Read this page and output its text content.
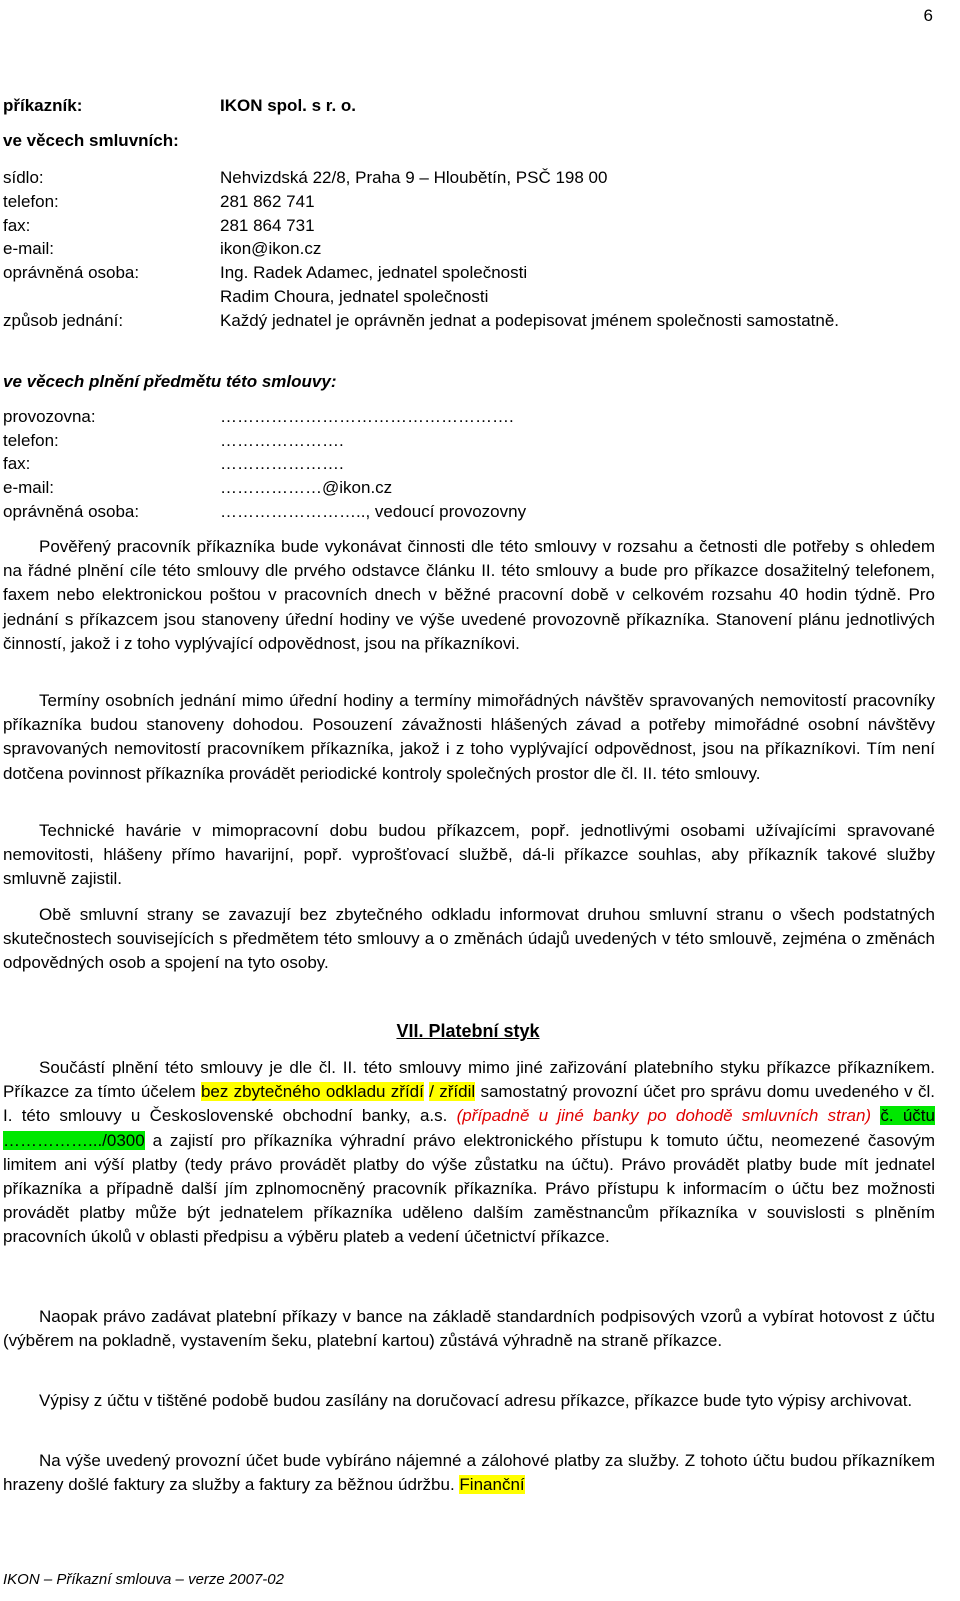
6
příkazník:	IKON spol. s r. o.
ve věcech smluvních:
sídlo:	Nehvizdská 22/8, Praha 9 – Hloubětín, PSČ 198 00
telefon:	281 862 741
fax:	281 864 731
e-mail:	ikon@ikon.cz
oprávněná osoba:	Ing. Radek Adamec, jednatel společnosti
Radim Choura, jednatel společnosti
způsob jednání:	Každý jednatel je oprávněn jednat a podepisovat jménem společnosti samostatně.

ve věcech plnění předmětu této smlouvy:
provozovna:	…………………………………………….
telefon:	………………….
fax:	………………….
e-mail:	………………@ikon.cz
oprávněná osoba:	…………………….., vedoucí provozovny

Pověřený pracovník příkazníka bude vykonávat činnosti dle této smlouvy v rozsahu a četnosti dle potřeby s ohledem na řádné plnění cíle této smlouvy dle prvého odstavce článku II. této smlouvy a bude pro příkazce dosažitelný telefonem, faxem nebo elektronickou poštou v pracovních dnech v běžné pracovní době v celkovém rozsahu 40 hodin týdně. Pro jednání s příkazcem jsou stanoveny úřední hodiny ve výše uvedené provozovně příkazníka. Stanovení plánu jednotlivých činností, jakož i z toho vyplývající odpovědnost, jsou na příkazníkovi.

Termíny osobních jednání mimo úřední hodiny a termíny mimořádných návštěv spravovaných nemovitostí pracovníky příkazníka budou stanoveny dohodou. Posouzení závažnosti hlášených závad a potřeby mimořádné osobní návštěvy spravovaných nemovitostí pracovníkem příkazníka, jakož i z toho vyplývající odpovědnost, jsou na příkazníkovi. Tím není dotčena povinnost příkazníka provádět periodické kontroly společných prostor dle čl. II. této smlouvy.

Technické havárie v mimopracovní dobu budou příkazcem, popř. jednotlivými osobami užívajícími spravované nemovitosti, hlášeny přímo havarijní, popř. vyprošťovací službě, dá-li příkazce souhlas, aby příkazník takové služby smluvně zajistil.

Obě smluvní strany se zavazují bez zbytečného odkladu informovat druhou smluvní stranu o všech podstatných skutečnostech souvisejících s předmětem této smlouvy a o změnách údajů uvedených v této smlouvě, zejména o změnách odpovědných osob a spojení na tyto osoby.

VII. Platební styk

Součástí plnění této smlouvy je dle čl. II. této smlouvy mimo jiné zařizování platebního styku příkazce příkazníkem. Příkazce za tímto účelem bez zbytečného odkladu zřídí / zřídil samostatný provozní účet pro správu domu uvedeného v čl. I. této smlouvy u Československé obchodní banky, a.s. (případně u jiné banky po dohodě smluvních stran) č. účtu …………….../0300 a zajistí pro příkazníka výhradní právo elektronického přístupu k tomuto účtu, neomezené časovým limitem ani výší platby (tedy právo provádět platby do výše zůstatku na účtu). Právo provádět platby bude mít jednatel příkazníka a případně další jím zplnomocněný pracovník příkazníka. Právo přístupu k informacím o účtu bez možnosti provádět platby může být jednatelem příkazníka uděleno dalším zaměstnancům příkazníka v souvislosti s plněním pracovních úkolů v oblasti předpisu a výběru plateb a vedení účetnictví příkazce.

Naopak právo zadávat platební příkazy v bance na základě standardních podpisových vzorů a vybírat hotovost z účtu (výběrem na pokladně, vystavením šeku, platební kartou) zůstává výhradně na straně příkazce.

Výpisy z účtu v tištěné podobě budou zasílány na doručovací adresu příkazce, příkazce bude tyto výpisy archivovat.

Na výše uvedený provozní účet bude vybíráno nájemné a zálohové platby za služby. Z tohoto účtu budou příkazníkem hrazeny došlé faktury za služby a faktury za běžnou údržbu. Finanční

IKON – Příkazní smlouva – verze 2007-02
